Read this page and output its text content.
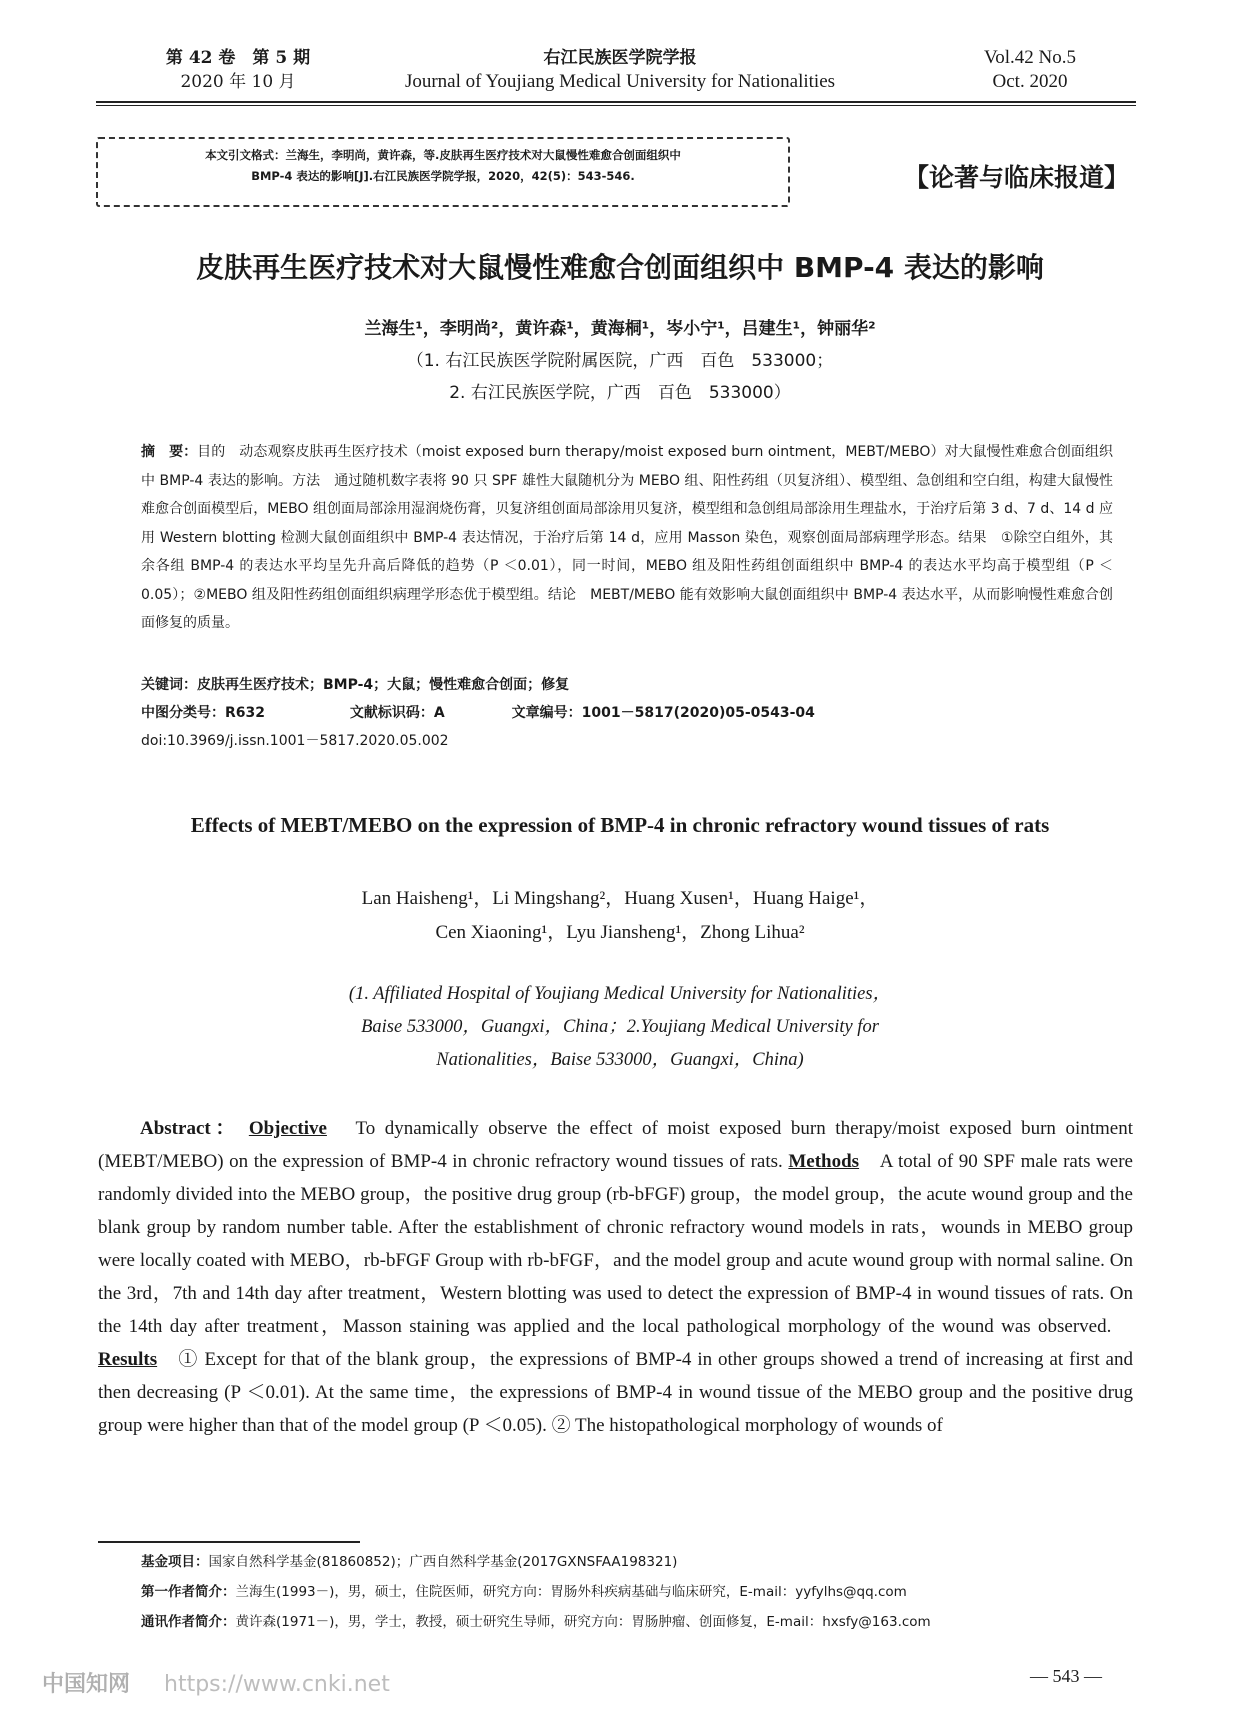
第 42 卷　第 5 期
2020 年 10 月
右江民族医学院学报
Journal of Youjiang Medical University for Nationalities
Vol.42 No.5
Oct. 2020
本文引文格式：兰海生，李明尚，黄许森，等.皮肤再生医疗技术对大鼠慢性难愈合创面组织中
BMP-4 表达的影响[J].右江民族医学院学报，2020，42(5)：543-546.	【论著与临床报道】
皮肤再生医疗技术对大鼠慢性难愈合创面组织中 BMP-4 表达的影响
兰海生¹，李明尚²，黄许森¹，黄海桐¹，岑小宁¹，吕建生¹，钟丽华²
（1. 右江民族医学院附属医院，广西　百色　533000；
2. 右江民族医学院，广西　百色　533000）
摘　要：目的　动态观察皮肤再生医疗技术（moist exposed burn therapy/moist exposed burn ointment，MEBT/MEBO）对大鼠慢性难愈合创面组织中 BMP-4 表达的影响。方法　通过随机数字表将 90 只 SPF 雄性大鼠随机分为 MEBO 组、阳性药组（贝复济组）、模型组、急创组和空白组，构建大鼠慢性难愈合创面模型后，MEBO 组创面局部涂用湿润烧伤膏，贝复济组创面局部涂用贝复济，模型组和急创组局部涂用生理盐水，于治疗后第 3 d、7 d、14 d 应用 Western blotting 检测大鼠创面组织中 BMP-4 表达情况，于治疗后第 14 d，应用 Masson 染色，观察创面局部病理学形态。结果　①除空白组外，其余各组 BMP-4 的表达水平均呈先升高后降低的趋势（P ＜0.01），同一时间，MEBO 组及阳性药组创面组织中 BMP-4 的表达水平均高于模型组（P ＜0.05）；②MEBO 组及阳性药组创面组织病理学形态优于模型组。结论　MEBT/MEBO 能有效影响大鼠创面组织中 BMP-4 表达水平，从而影响慢性难愈合创面修复的质量。
关键词：皮肤再生医疗技术；BMP-4；大鼠；慢性难愈合创面；修复
中图分类号：R632	文献标识码：A	文章编号：1001－5817(2020)05-0543-04
doi:10.3969/j.issn.1001－5817.2020.05.002
Effects of MEBT/MEBO on the expression of BMP-4 in chronic refractory wound tissues of rats
Lan Haisheng¹，Li Mingshang²，Huang Xusen¹，Huang Haige¹，
Cen Xiaoning¹，Lyu Jiansheng¹，Zhong Lihua²
(1. Affiliated Hospital of Youjiang Medical University for Nationalities，
Baise 533000，Guangxi，China；2.Youjiang Medical University for
Nationalities，Baise 533000，Guangxi，China)
Abstract： Objective　To dynamically observe the effect of moist exposed burn therapy/moist exposed burn ointment (MEBT/MEBO) on the expression of BMP-4 in chronic refractory wound tissues of rats. Methods　A total of 90 SPF male rats were randomly divided into the MEBO group，the positive drug group (rb-bFGF) group，the model group，the acute wound group and the blank group by random number table. After the establishment of chronic refractory wound models in rats，wounds in MEBO group were locally coated with MEBO，rb-bFGF Group with rb-bFGF，and the model group and acute wound group with normal saline. On the 3rd，7th and 14th day after treatment，Western blotting was used to detect the expression of BMP-4 in wound tissues of rats. On the 14th day after treatment，Masson staining was applied and the local pathological morphology of the wound was observed.　 Results　① Except for that of the blank group，the expressions of BMP-4 in other groups showed a trend of increasing at first and then decreasing (P ＜0.01). At the same time，the expressions of BMP-4 in wound tissue of the MEBO group and the positive drug group were higher than that of the model group (P ＜0.05). ② The histopathological morphology of wounds of
基金项目：国家自然科学基金(81860852)；广西自然科学基金(2017GXNSFAA198321)
第一作者简介：兰海生(1993－)，男，硕士，住院医师，研究方向：胃肠外科疾病基础与临床研究，E-mail：yyfylhs@qq.com
通讯作者简介：黄许森(1971－)，男，学士，教授，硕士研究生导师，研究方向：胃肠肿瘤、创面修复，E-mail：hxsfy@163.com
中国知网 https://www.cnki.net	— 543 —
